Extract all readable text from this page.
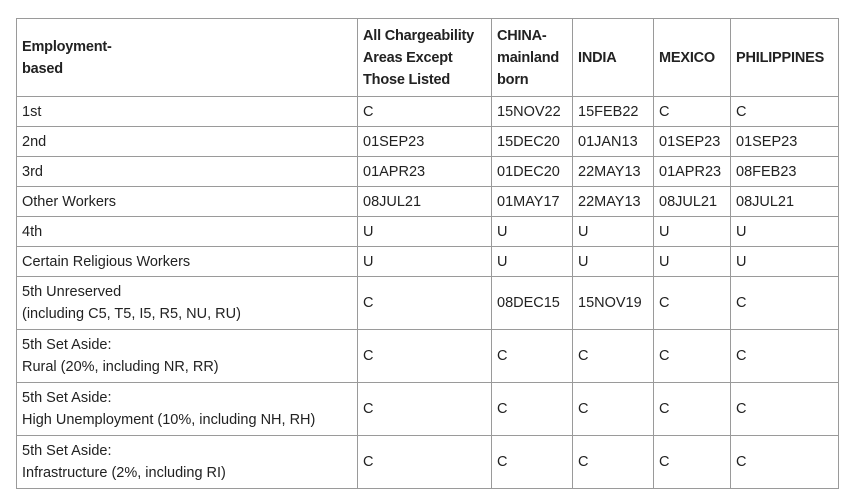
Employment-
based	All Chargeability
Areas Except
Those Listed	CHINA-
mainland
born	INDIA	MEXICO	PHILIPPINES
1st	C	15NOV22	15FEB22	C	C
2nd	01SEP23	15DEC20	01JAN13	01SEP23	01SEP23
3rd	01APR23	01DEC20	22MAY13	01APR23	08FEB23
Other Workers	08JUL21	01MAY17	22MAY13	08JUL21	08JUL21
4th	U	U	U	U	U
Certain Religious Workers	U	U	U	U	U
5th Unreserved
(including C5, T5, I5, R5, NU, RU)	C	08DEC15	15NOV19	C	C
5th Set Aside:
Rural (20%, including NR, RR)	C	C	C	C	C
5th Set Aside:
High Unemployment (10%, including NH, RH)	C	C	C	C	C
5th Set Aside:
Infrastructure (2%, including RI)	C	C	C	C	C
